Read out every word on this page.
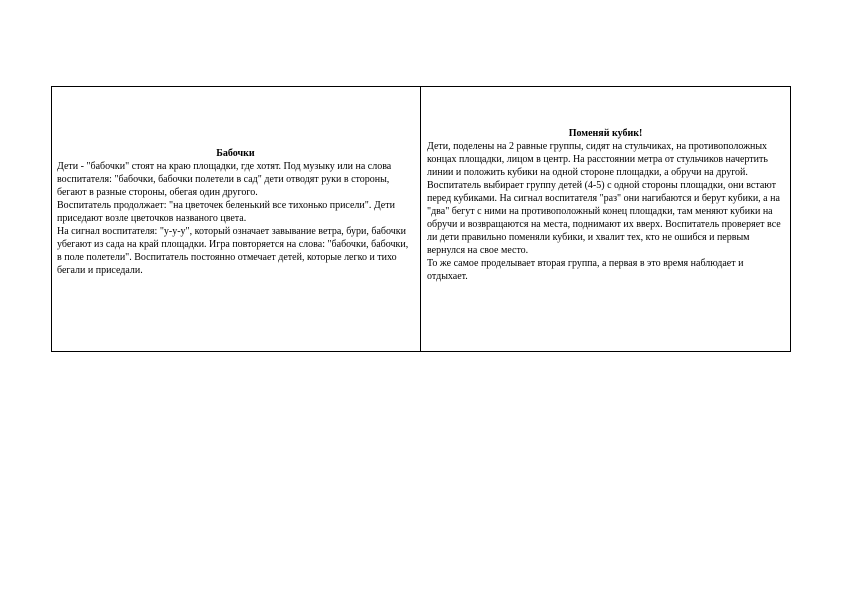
Бабочки

Дети - "бабочки" стоят на краю площадки, где хотят. Под музыку или на слова воспитателя: "бабочки, бабочки полетели в сад" дети отводят руки в стороны, бегают в разные стороны, обегая один другого.

Воспитатель продолжает: "на цветочек беленький все тихонько присели". Дети приседают возле цветочков названого цвета.

На сигнал воспитателя: "у-у-у", который означает завывание ветра, бури, бабочки убегают из сада на край площадки. Игра повторяется на слова: "бабочки, бабочки, в поле полетели". Воспитатель постоянно отмечает детей, которые легко и тихо бегали и приседали.

Поменяй кубик!

Дети, поделены на 2 равные группы, сидят на стульчиках, на противоположных концах площадки, лицом в центр. На расстоянии метра от стульчиков начертить линии и положить кубики на одной стороне площадки, а обручи на другой. Воспитатель выбирает группу детей (4-5) с одной стороны площадки, они встают перед кубиками. На сигнал воспитателя "раз" они нагибаются и берут кубики, а на "два" бегут с ними на противоположный конец площадки, там меняют кубики на обручи и возвращаются на места, поднимают их вверх. Воспитатель проверяет все ли дети правильно поменяли кубики, и хвалит тех, кто не ошибся и первым вернулся на свое место.

То же самое проделывает вторая группа, а первая в это время наблюдает и отдыхает.
